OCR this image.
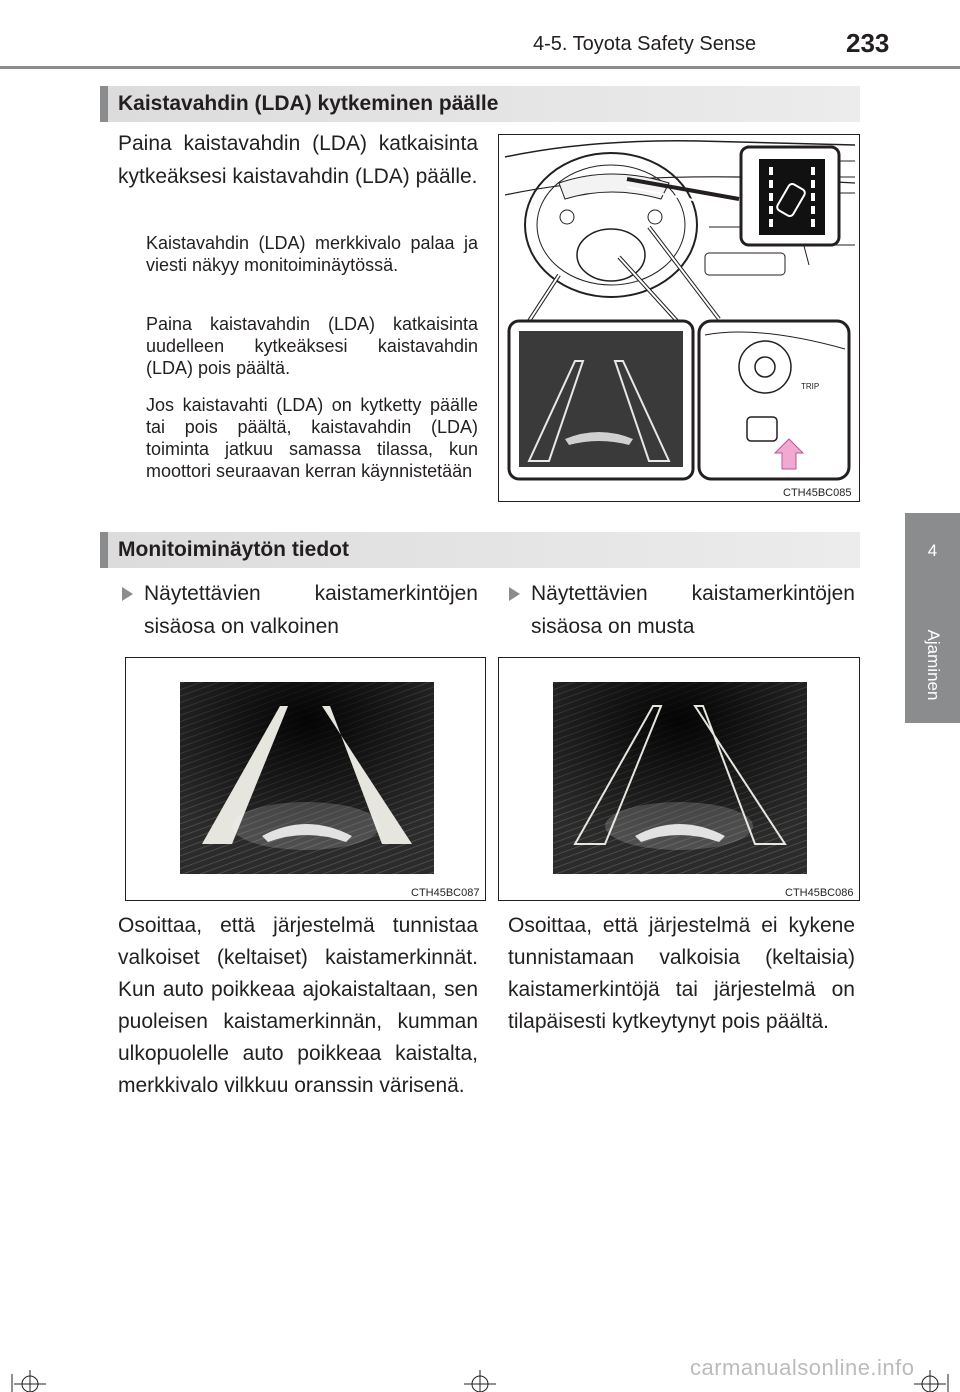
4-5. Toyota Safety Sense	233
4
Ajaminen
Kaistavahdin (LDA) kytkeminen päälle
Paina kaistavahdin (LDA) katkaisinta kytkeäksesi kaistavahdin (LDA) päälle.
Kaistavahdin (LDA) merkkivalo palaa ja viesti näkyy monitoiminäytössä.
Paina kaistavahdin (LDA) katkaisinta uudelleen kytkeäksesi kaistavahdin (LDA) pois päältä.
Jos kaistavahti (LDA) on kytketty päälle tai pois päältä, kaistavahdin (LDA) toiminta jatkuu samassa tilassa, kun moottori seuraavan kerran käynnistetään
TRIP
CTH45BC085
Monitoiminäytön tiedot
Näytettävien kaistamerkintöjen sisäosa on valkoinen
Näytettävien kaistamerkintöjen sisäosa on musta
CTH45BC087	CTH45BC086
Osoittaa, että järjestelmä tunnistaa valkoiset (keltaiset) kaistamerkinnät. Kun auto poikkeaa ajokaistaltaan, sen puoleisen kaistamerkinnän, kumman ulkopuolelle auto poikkeaa kaistalta, merkkivalo vilkkuu oranssin värisenä.
Osoittaa, että järjestelmä ei kykene tunnistamaan valkoisia (keltaisia) kaistamerkintöjä tai järjestelmä on tilapäisesti kytkeytynyt pois päältä.
carmanualsonline.info
